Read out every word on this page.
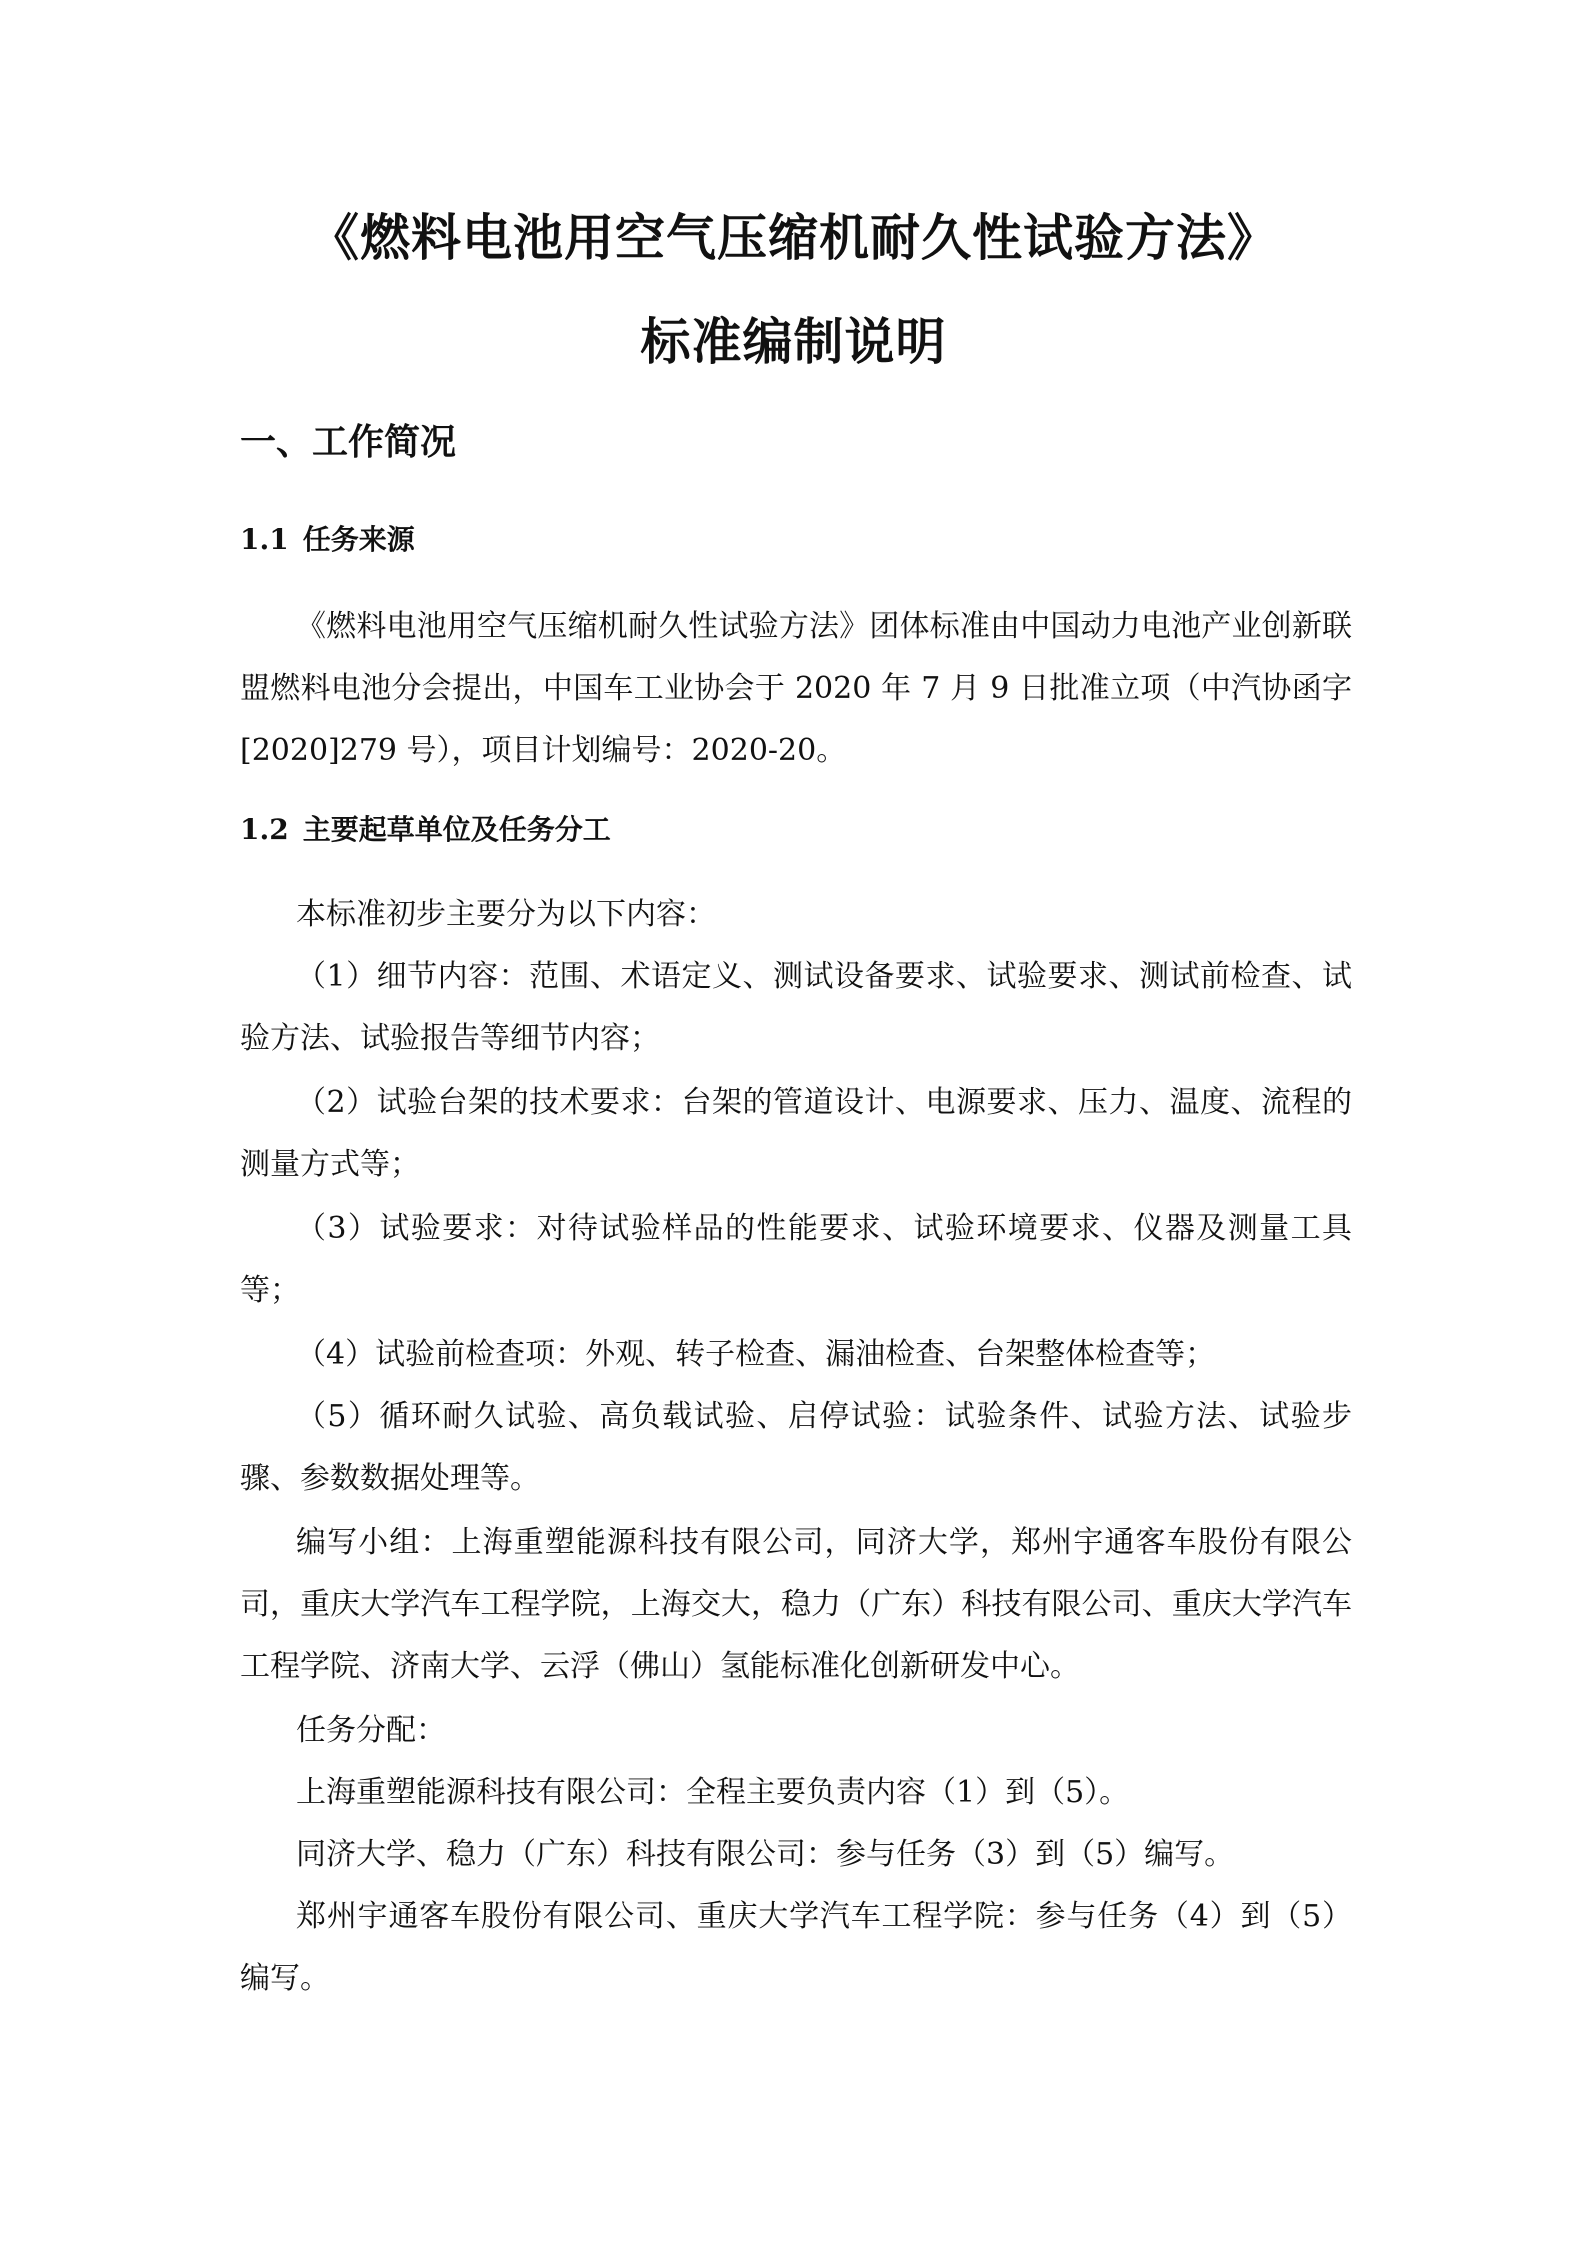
《燃料电池用空气压缩机耐久性试验方法》
标准编制说明
一、工作简况
1.1 任务来源

《燃料电池用空气压缩机耐久性试验方法》团体标准由中国动力电池产业创新联盟燃料电池分会提出，中国车工业协会于 2020 年 7 月 9 日批准立项（中汽协函字[2020]279 号），项目计划编号：2020-20。

1.2 主要起草单位及任务分工

本标准初步主要分为以下内容：

（1）细节内容：范围、术语定义、测试设备要求、试验要求、测试前检查、试验方法、试验报告等细节内容；

（2）试验台架的技术要求：台架的管道设计、电源要求、压力、温度、流程的测量方式等；

（3）试验要求：对待试验样品的性能要求、试验环境要求、仪器及测量工具等；

（4）试验前检查项：外观、转子检查、漏油检查、台架整体检查等；

（5）循环耐久试验、高负载试验、启停试验：试验条件、试验方法、试验步骤、参数数据处理等。

编写小组：上海重塑能源科技有限公司，同济大学，郑州宇通客车股份有限公司，重庆大学汽车工程学院，上海交大，稳力（广东）科技有限公司、重庆大学汽车工程学院、济南大学、云浮（佛山）氢能标准化创新研发中心。

任务分配：

上海重塑能源科技有限公司：全程主要负责内容（1）到（5）。

同济大学、稳力（广东）科技有限公司：参与任务（3）到（5）编写。

郑州宇通客车股份有限公司、重庆大学汽车工程学院：参与任务（4）到（5）编写。
